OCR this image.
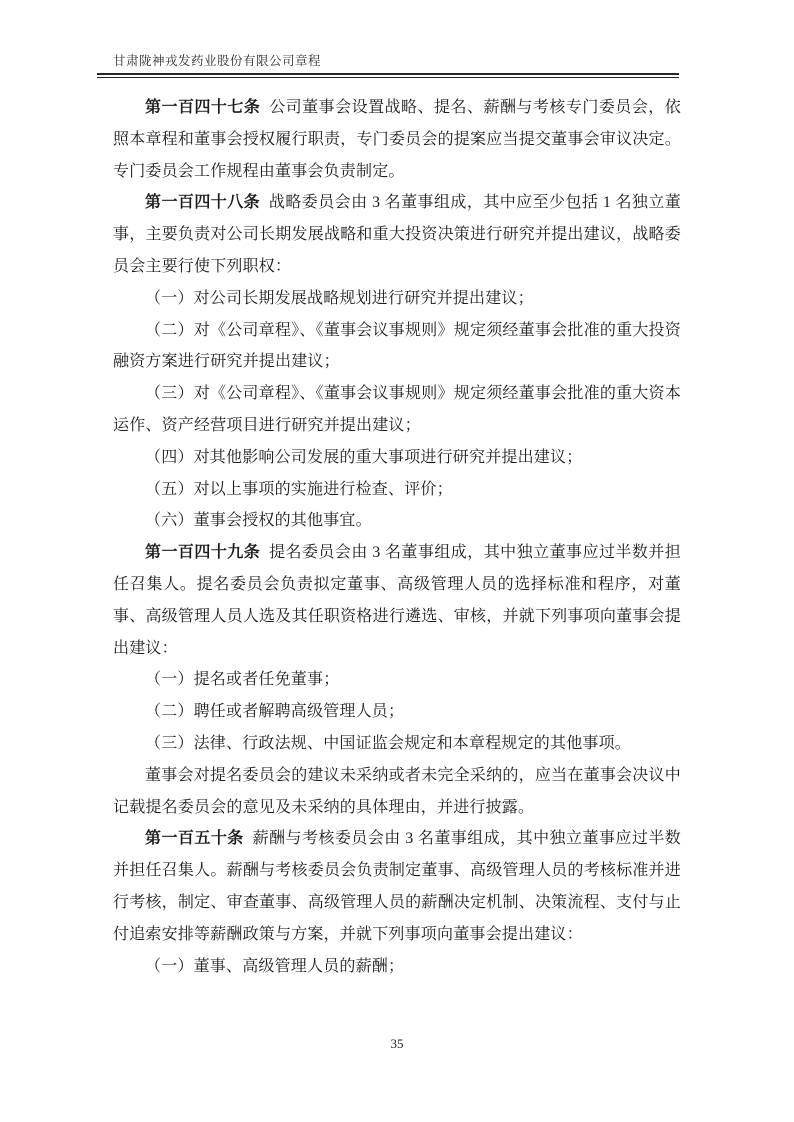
甘肃陇神戎发药业股份有限公司章程

第一百四十七条 公司董事会设置战略、提名、薪酬与考核专门委员会，依照本章程和董事会授权履行职责，专门委员会的提案应当提交董事会审议决定。专门委员会工作规程由董事会负责制定。

第一百四十八条 战略委员会由 3 名董事组成，其中应至少包括 1 名独立董事，主要负责对公司长期发展战略和重大投资决策进行研究并提出建议，战略委员会主要行使下列职权：

（一）对公司长期发展战略规划进行研究并提出建议；

（二）对《公司章程》、《董事会议事规则》规定须经董事会批准的重大投资融资方案进行研究并提出建议；

（三）对《公司章程》、《董事会议事规则》规定须经董事会批准的重大资本运作、资产经营项目进行研究并提出建议；

（四）对其他影响公司发展的重大事项进行研究并提出建议；

（五）对以上事项的实施进行检查、评价；

（六）董事会授权的其他事宜。

第一百四十九条 提名委员会由 3 名董事组成，其中独立董事应过半数并担任召集人。提名委员会负责拟定董事、高级管理人员的选择标准和程序，对董事、高级管理人员人选及其任职资格进行遴选、审核，并就下列事项向董事会提出建议：

（一）提名或者任免董事；

（二）聘任或者解聘高级管理人员；

（三）法律、行政法规、中国证监会规定和本章程规定的其他事项。

董事会对提名委员会的建议未采纳或者未完全采纳的，应当在董事会决议中记载提名委员会的意见及未采纳的具体理由，并进行披露。

第一百五十条 薪酬与考核委员会由 3 名董事组成，其中独立董事应过半数并担任召集人。薪酬与考核委员会负责制定董事、高级管理人员的考核标准并进行考核，制定、审查董事、高级管理人员的薪酬决定机制、决策流程、支付与止付追索安排等薪酬政策与方案，并就下列事项向董事会提出建议：

（一）董事、高级管理人员的薪酬；

35
